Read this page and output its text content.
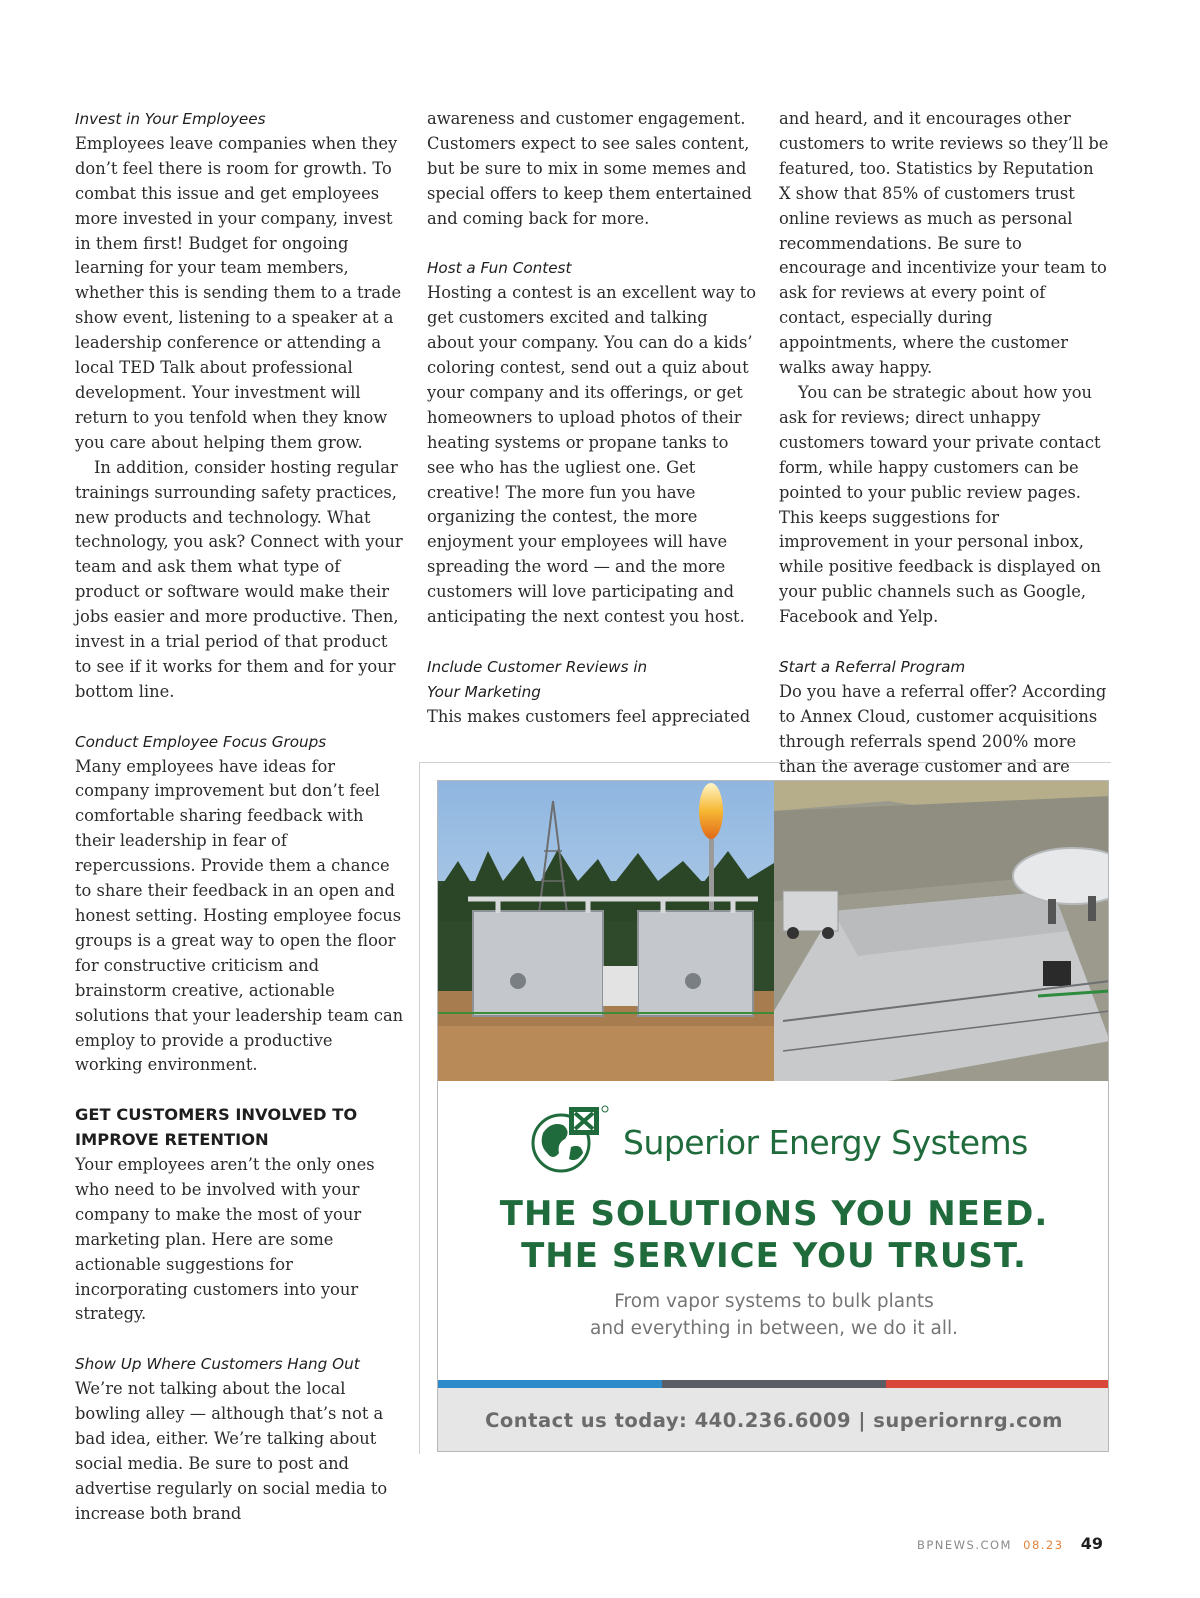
Invest in Your Employees

Employees leave companies when they don’t feel there is room for growth. To combat this issue and get employees more invested in your company, invest in them first! Budget for ongoing learning for your team members, whether this is sending them to a trade show event, listening to a speaker at a leadership conference or attending a local TED Talk about professional development. Your investment will return to you tenfold when they know you care about helping them grow.

In addition, consider hosting regular trainings surrounding safety practices, new products and technology. What technology, you ask? Connect with your team and ask them what type of product or software would make their jobs easier and more productive. Then, invest in a trial period of that product to see if it works for them and for your bottom line.

Conduct Employee Focus Groups

Many employees have ideas for company improvement but don’t feel comfortable sharing feedback with their leadership in fear of repercussions. Provide them a chance to share their feedback in an open and honest setting. Hosting employee focus groups is a great way to open the floor for constructive criticism and brainstorm creative, actionable solutions that your leadership team can employ to provide a productive working environment.

GET CUSTOMERS INVOLVED TO IMPROVE RETENTION

Your employees aren’t the only ones who need to be involved with your company to make the most of your marketing plan. Here are some actionable suggestions for incorporating customers into your strategy.

Show Up Where Customers Hang Out

We’re not talking about the local bowling alley — although that’s not a bad idea, either. We’re talking about social media. Be sure to post and advertise regularly on social media to increase both brand

awareness and customer engagement. Customers expect to see sales content, but be sure to mix in some memes and special offers to keep them entertained and coming back for more.

Host a Fun Contest

Hosting a contest is an excellent way to get customers excited and talking about your company. You can do a kids’ coloring contest, send out a quiz about your company and its offerings, or get homeowners to upload photos of their heating systems or propane tanks to see who has the ugliest one. Get creative! The more fun you have organizing the contest, the more enjoyment your employees will have spreading the word — and the more customers will love participating and anticipating the next contest you host.

Include Customer Reviews in
Your Marketing

This makes customers feel appreciated

and heard, and it encourages other customers to write reviews so they’ll be featured, too. Statistics by Reputation X show that 85% of customers trust online reviews as much as personal recommendations. Be sure to encourage and incentivize your team to ask for reviews at every point of contact, especially during appointments, where the customer walks away happy.

You can be strategic about how you ask for reviews; direct unhappy customers toward your private contact form, while happy customers can be pointed to your public review pages. This keeps suggestions for improvement in your personal inbox, while positive feedback is displayed on your public channels such as Google, Facebook and Yelp.

Start a Referral Program

Do you have a referral offer? According to Annex Cloud, customer acquisitions through referrals spend 200% more than the average customer and are

Superior Energy Systems
THE SOLUTIONS YOU NEED.
THE SERVICE YOU TRUST.
From vapor systems to bulk plants
and everything in between, we do it all.
Contact us today: 440.236.6009 | superiornrg.com
BPNEWS.COM 08.23 49
